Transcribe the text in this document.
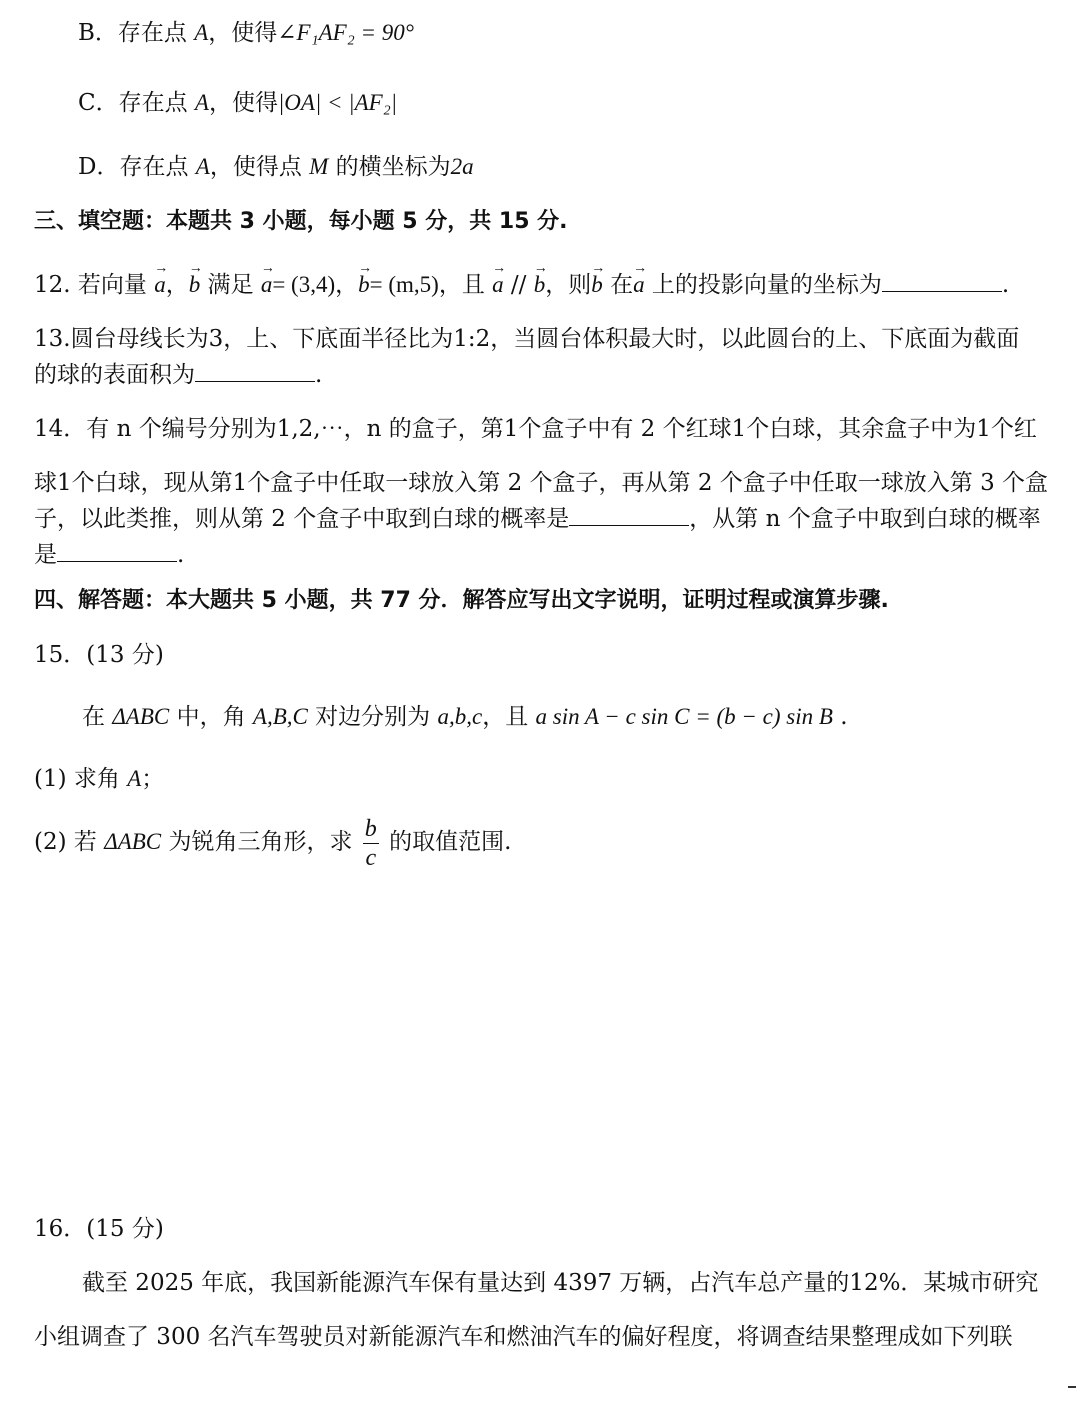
B．存在点 A，使得∠F₁AF₂ = 90°
C．存在点 A，使得|OA| < |AF₂|
D．存在点 A，使得点 M 的横坐标为2a
三、填空题：本题共 3 小题，每小题 5 分，共 15 分.
12. 若向量 → a，→ b 满足 → a= (3,4)，→ b= (m,5)，且 → a // → b，则→ b 在→ a 上的投影向量的坐标为	.
13.圆台母线长为3，上、下底面半径比为1:2，当圆台体积最大时，以此圆台的上、下底面为截面
的球的表面积为	.
14．有 n 个编号分别为1,2,⋯，n 的盒子，第1个盒子中有 2 个红球1个白球，其余盒子中为1个红
球1个白球，现从第1个盒子中任取一球放入第 2 个盒子，再从第 2 个盒子中任取一球放入第 3 个盒
子，以此类推，则从第 2 个盒子中取到白球的概率是	，从第 n 个盒子中取到白球的概率
是	.
四、解答题：本大题共 5 小题，共 77 分．解答应写出文字说明，证明过程或演算步骤.
15．(13 分)
在 ΔABC 中，角 A,B,C 对边分别为 a,b,c，且 a sin A − c sin C = (b − c) sin B .
(1) 求角 A；
(2) 若 ΔABC 为锐角三角形，求 $\frac{b}{c}$ 的取值范围.
16．(15 分)
截至 2025 年底，我国新能源汽车保有量达到 4397 万辆，占汽车总产量的12%．某城市研究
小组调查了 300 名汽车驾驶员对新能源汽车和燃油汽车的偏好程度，将调查结果整理成如下列联
